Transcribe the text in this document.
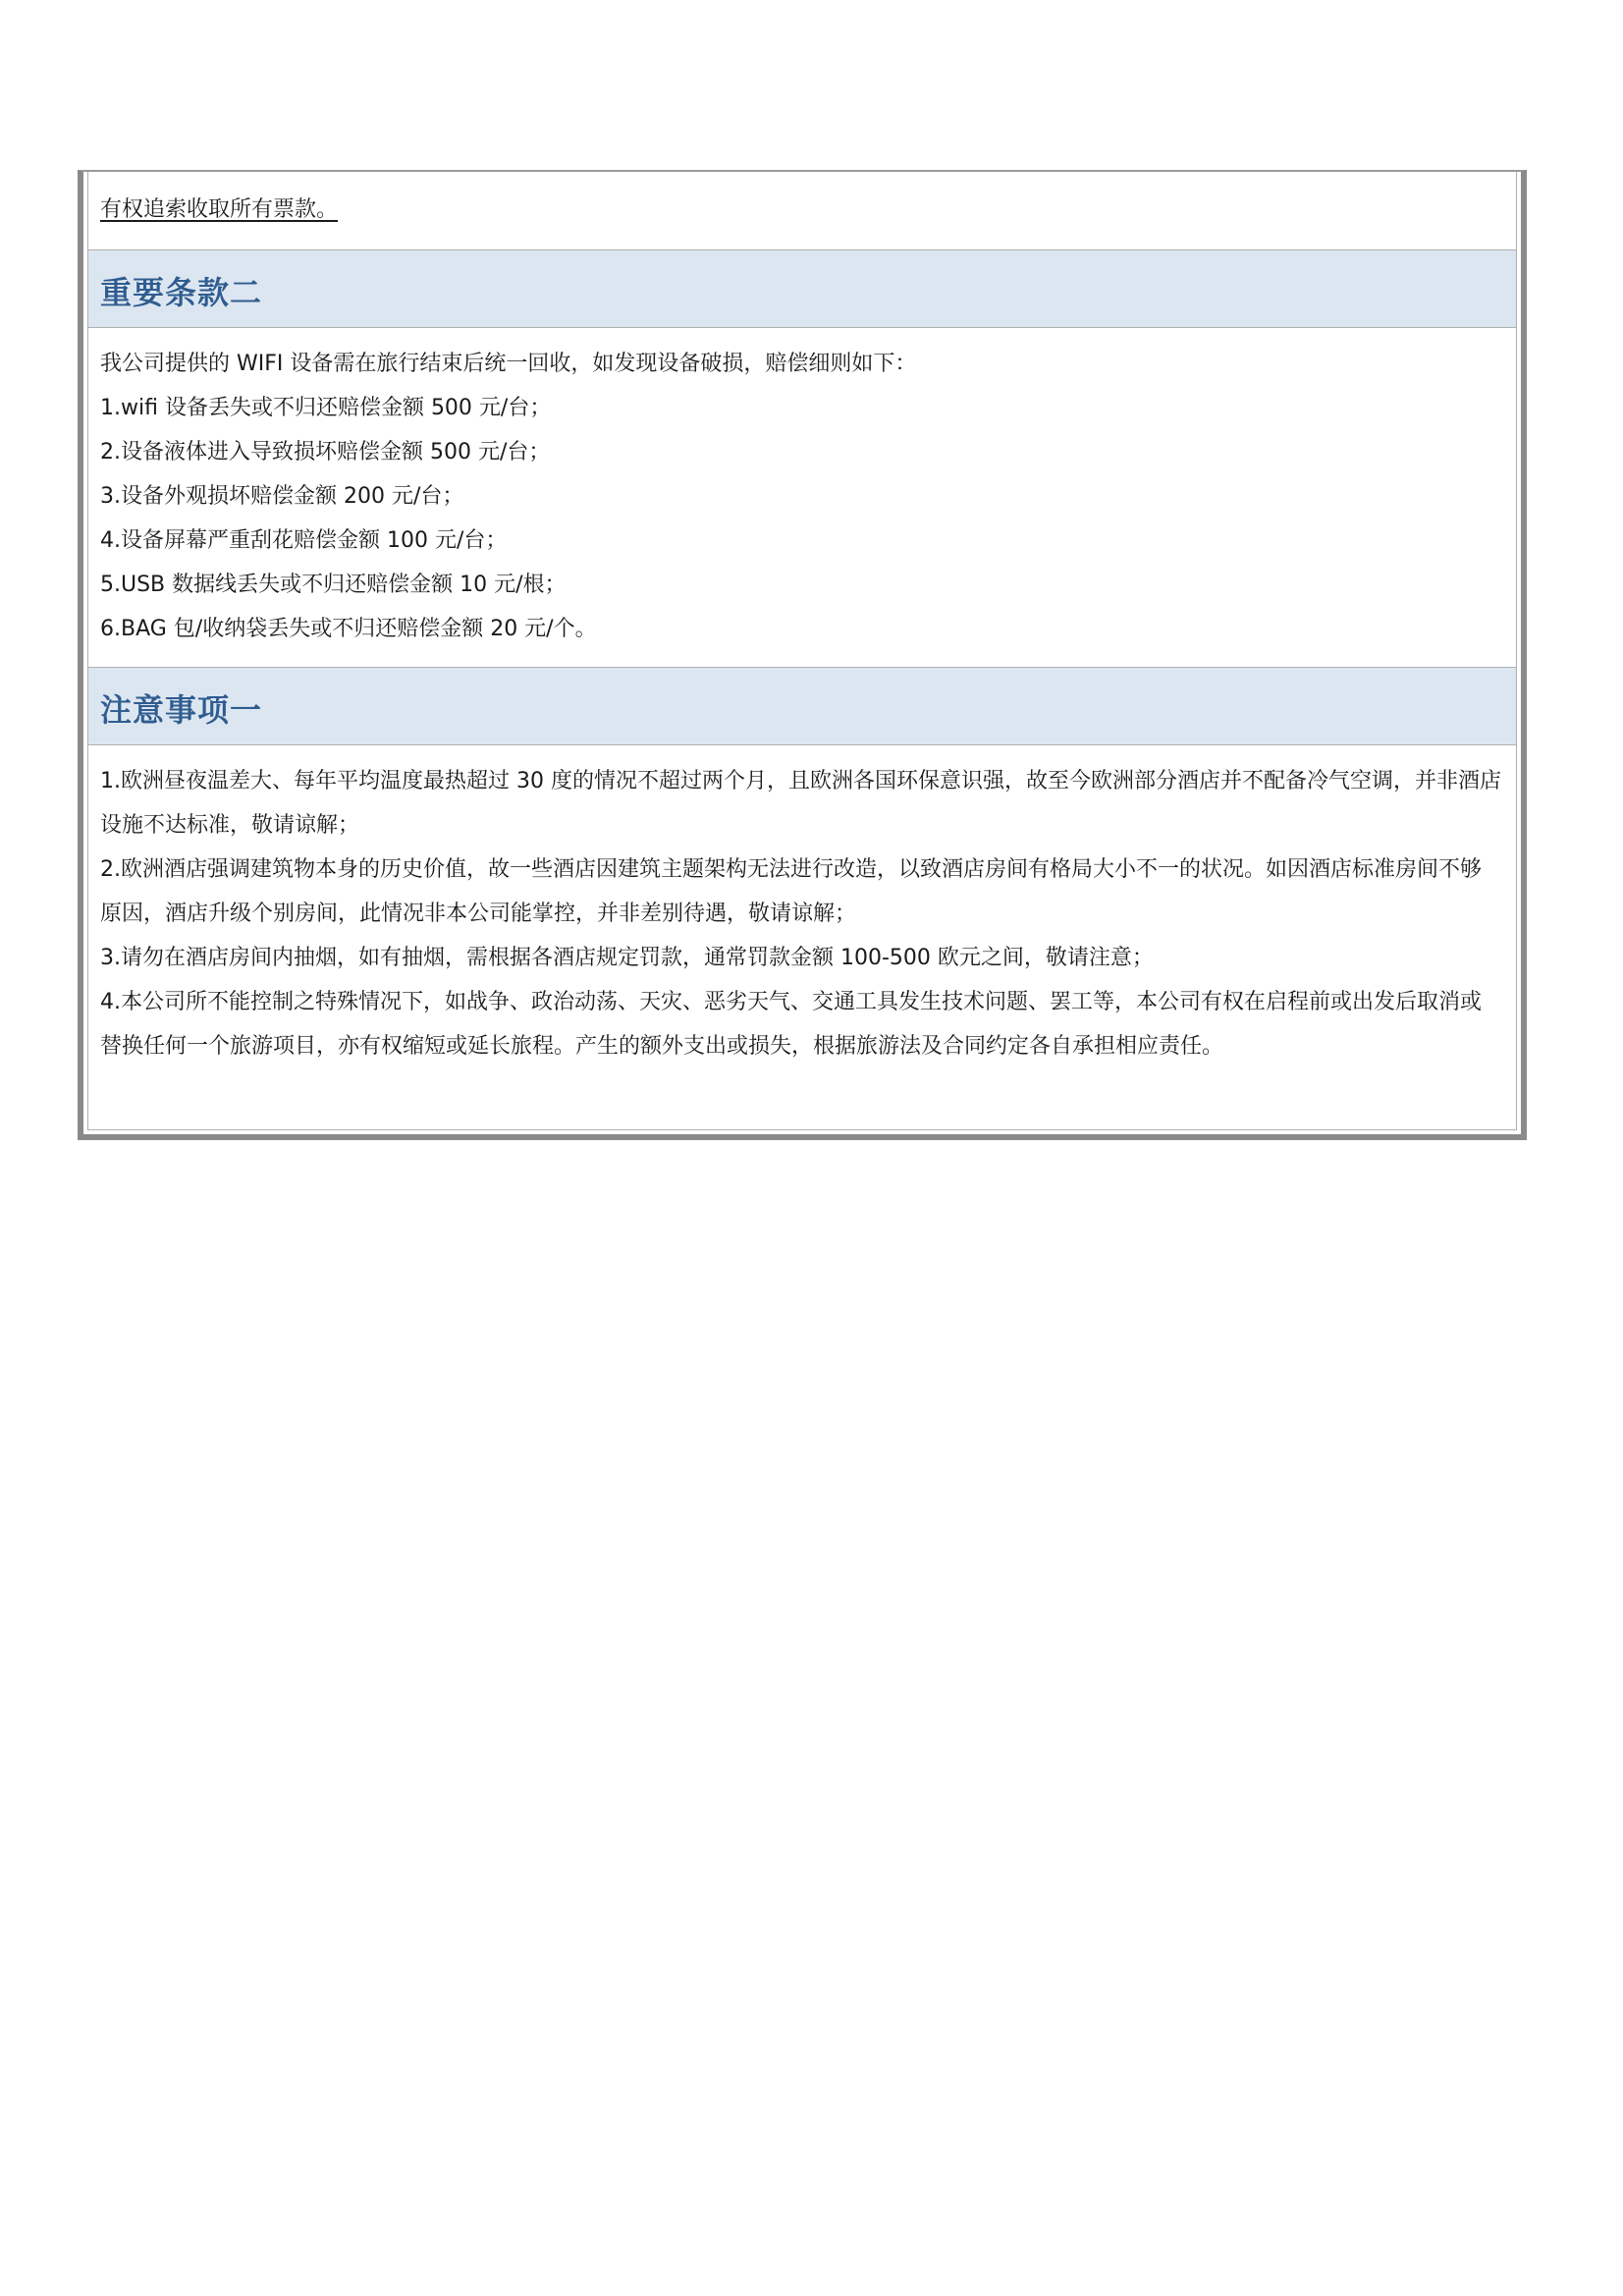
有权追索收取所有票款。
重要条款二
我公司提供的 WIFI 设备需在旅行结束后统一回收，如发现设备破损，赔偿细则如下：
1.wifi 设备丢失或不归还赔偿金额 500 元/台；
2.设备液体进入导致损坏赔偿金额 500 元/台；
3.设备外观损坏赔偿金额 200 元/台；
4.设备屏幕严重刮花赔偿金额 100 元/台；
5.USB 数据线丢失或不归还赔偿金额 10 元/根；
6.BAG 包/收纳袋丢失或不归还赔偿金额 20 元/个。
注意事项一
1.欧洲昼夜温差大、每年平均温度最热超过 30 度的情况不超过两个月，且欧洲各国环保意识强，故至今欧洲部分酒店并不配备冷气空调，并非酒店设施不达标准，敬请谅解；
2.欧洲酒店强调建筑物本身的历史价值，故一些酒店因建筑主题架构无法进行改造，以致酒店房间有格局大小不一的状况。如因酒店标准房间不够原因，酒店升级个别房间，此情况非本公司能掌控，并非差别待遇，敬请谅解；
3.请勿在酒店房间内抽烟，如有抽烟，需根据各酒店规定罚款，通常罚款金额 100-500 欧元之间，敬请注意；
4.本公司所不能控制之特殊情况下，如战争、政治动荡、天灾、恶劣天气、交通工具发生技术问题、罢工等，本公司有权在启程前或出发后取消或替换任何一个旅游项目，亦有权缩短或延长旅程。产生的额外支出或损失，根据旅游法及合同约定各自承担相应责任。
